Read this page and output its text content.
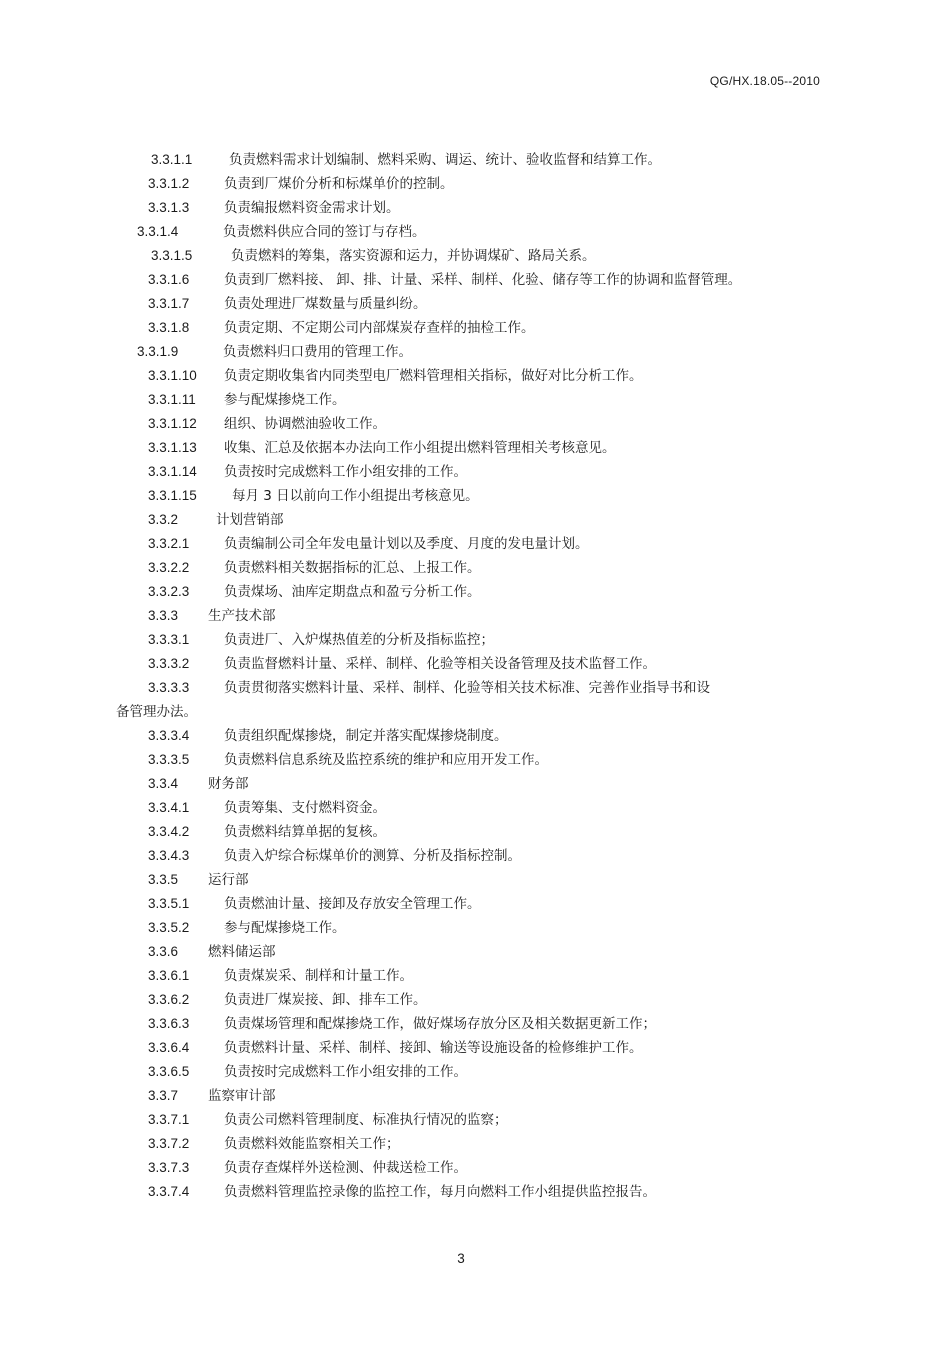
QG/HX.18.05--2010
3.3.1.1	负责燃料需求计划编制、燃料采购、调运、统计、验收监督和结算工作。
3.3.1.2	负责到厂煤价分析和标煤单价的控制。
3.3.1.3	负责编报燃料资金需求计划。
3.3.1.4	负责燃料供应合同的签订与存档。
3.3.1.5	负责燃料的筹集，落实资源和运力，并协调煤矿、路局关系。
3.3.1.6	负责到厂燃料接、 卸、排、计量、采样、制样、化验、储存等工作的协调和监督管理。
3.3.1.7	负责处理进厂煤数量与质量纠纷。
3.3.1.8	负责定期、不定期公司内部煤炭存查样的抽检工作。
3.3.1.9	负责燃料归口费用的管理工作。
3.3.1.10 负责定期收集省内同类型电厂燃料管理相关指标，做好对比分析工作。
3.3.1.11 参与配煤掺烧工作。
3.3.1.12 组织、协调燃油验收工作。
3.3.1.13 收集、汇总及依据本办法向工作小组提出燃料管理相关考核意见。
3.3.1.14 负责按时完成燃料工作小组安排的工作。
3.3.1.15	每月 3 日以前向工作小组提出考核意见。
3.3.2	计划营销部
3.3.2.1	负责编制公司全年发电量计划以及季度、月度的发电量计划。
3.3.2.2	负责燃料相关数据指标的汇总、上报工作。
3.3.2.3	负责煤场、油库定期盘点和盈亏分析工作。
3.3.3 生产技术部
3.3.3.1	负责进厂、入炉煤热值差的分析及指标监控；
3.3.3.2	负责监督燃料计量、采样、制样、化验等相关设备管理及技术监督工作。
3.3.3.3	负责贯彻落实燃料计量、采样、制样、化验等相关技术标准、完善作业指导书和设
备管理办法。
3.3.3.4	负责组织配煤掺烧，制定并落实配煤掺烧制度。
3.3.3.5	负责燃料信息系统及监控系统的维护和应用开发工作。
3.3.4 财务部
3.3.4.1	负责筹集、支付燃料资金。
3.3.4.2	负责燃料结算单据的复核。
3.3.4.3	负责入炉综合标煤单价的测算、分析及指标控制。
3.3.5 运行部
3.3.5.1	负责燃油计量、接卸及存放安全管理工作。
3.3.5.2	参与配煤掺烧工作。
3.3.6 燃料储运部
3.3.6.1	负责煤炭采、制样和计量工作。
3.3.6.2	负责进厂煤炭接、卸、排车工作。
3.3.6.3	负责煤场管理和配煤掺烧工作，做好煤场存放分区及相关数据更新工作；
3.3.6.4	负责燃料计量、采样、制样、接卸、输送等设施设备的检修维护工作。
3.3.6.5	负责按时完成燃料工作小组安排的工作。
3.3.7 监察审计部
3.3.7.1	负责公司燃料管理制度、标准执行情况的监察；
3.3.7.2	负责燃料效能监察相关工作；
3.3.7.3	负责存查煤样外送检测、仲裁送检工作。
3.3.7.4	负责燃料管理监控录像的监控工作，每月向燃料工作小组提供监控报告。
3
